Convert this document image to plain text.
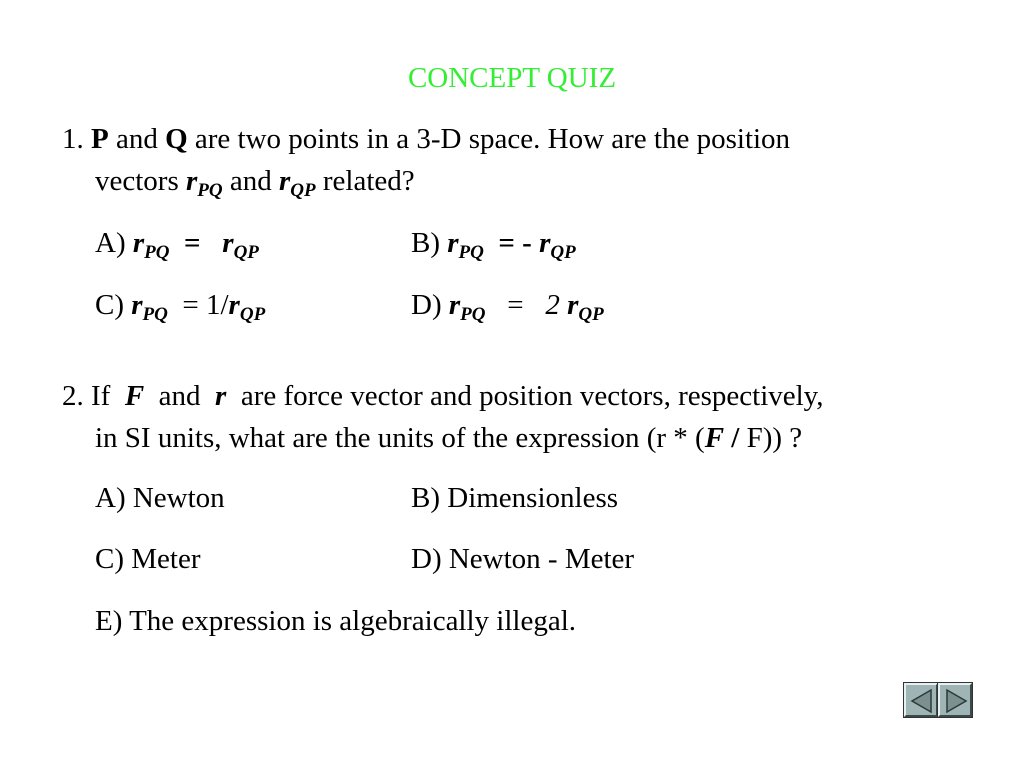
CONCEPT QUIZ
1. P and Q are two points in a 3-D space. How are the position
vectors $r_{PQ}$ and $r_{QP}$ related?
A) $r_{PQ} = r_{QP}$	B) $r_{PQ}$ = - $r_{QP}$
C) $r_{PQ} = 1/r_{QP}$	D) $r_{PQ} = 2$ $r_{QP}$
2. If F and r are force vector and position vectors, respectively,
in SI units, what are the units of the expression (r * (F / F)) ?
A) Newton	B) Dimensionless
C) Meter	D) Newton - Meter
E) The expression is algebraically illegal.
